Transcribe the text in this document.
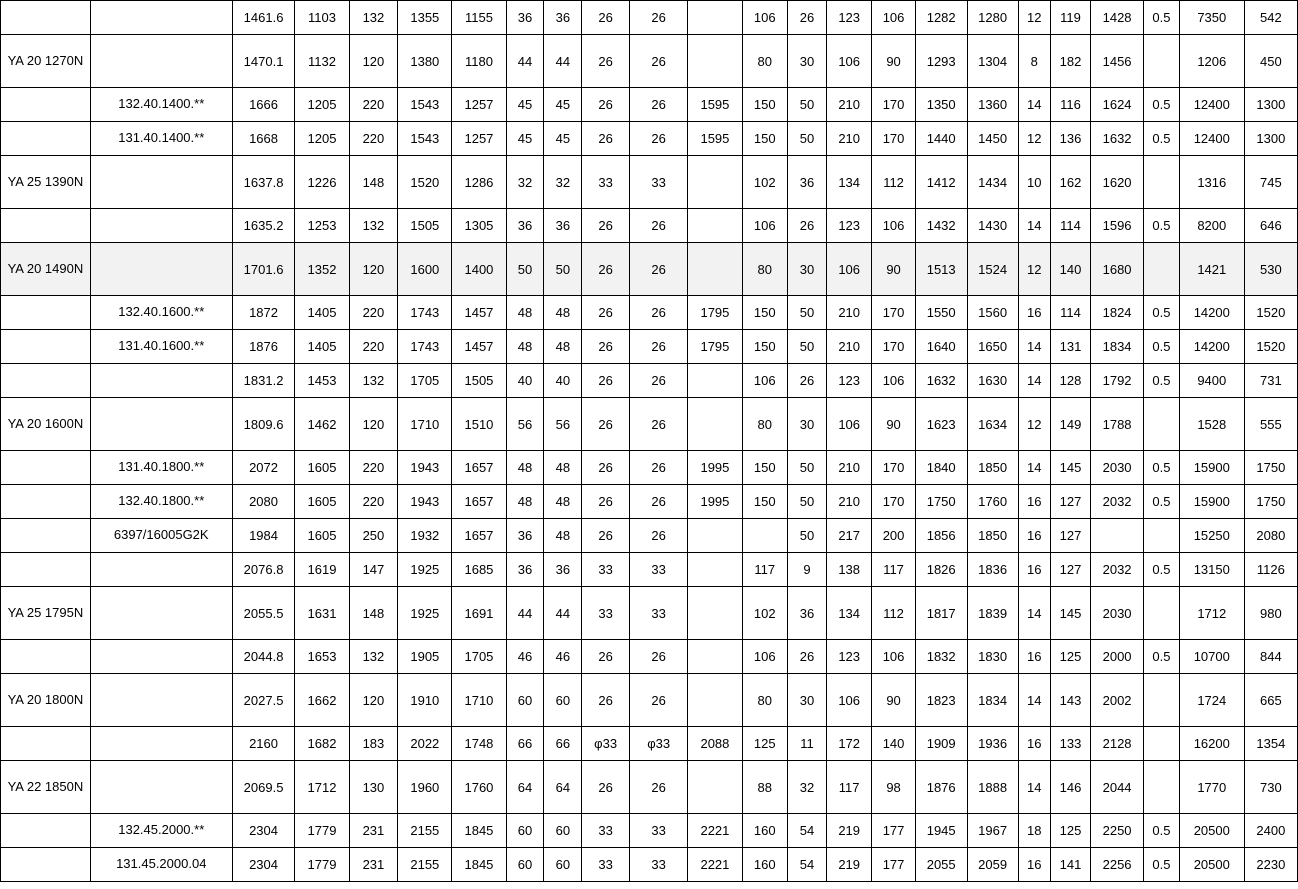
		1461.6	1103	132	1355	1155	36	36	26	26		106	26	123	106	1282	1280	12	119	1428	0.5	7350	542
YA 20 1270N		1470.1	1132	120	1380	1180	44	44	26	26		80	30	106	90	1293	1304	8	182	1456		1206	450
	132.40.1400.**	1666	1205	220	1543	1257	45	45	26	26	1595	150	50	210	170	1350	1360	14	116	1624	0.5	12400	1300
	131.40.1400.**	1668	1205	220	1543	1257	45	45	26	26	1595	150	50	210	170	1440	1450	12	136	1632	0.5	12400	1300
YA 25 1390N		1637.8	1226	148	1520	1286	32	32	33	33		102	36	134	112	1412	1434	10	162	1620		1316	745
		1635.2	1253	132	1505	1305	36	36	26	26		106	26	123	106	1432	1430	14	114	1596	0.5	8200	646
YA 20 1490N		1701.6	1352	120	1600	1400	50	50	26	26		80	30	106	90	1513	1524	12	140	1680		1421	530
	132.40.1600.**	1872	1405	220	1743	1457	48	48	26	26	1795	150	50	210	170	1550	1560	16	114	1824	0.5	14200	1520
	131.40.1600.**	1876	1405	220	1743	1457	48	48	26	26	1795	150	50	210	170	1640	1650	14	131	1834	0.5	14200	1520
		1831.2	1453	132	1705	1505	40	40	26	26		106	26	123	106	1632	1630	14	128	1792	0.5	9400	731
YA 20 1600N		1809.6	1462	120	1710	1510	56	56	26	26		80	30	106	90	1623	1634	12	149	1788		1528	555
	131.40.1800.**	2072	1605	220	1943	1657	48	48	26	26	1995	150	50	210	170	1840	1850	14	145	2030	0.5	15900	1750
	132.40.1800.**	2080	1605	220	1943	1657	48	48	26	26	1995	150	50	210	170	1750	1760	16	127	2032	0.5	15900	1750
	6397/16005G2K	1984	1605	250	1932	1657	36	48	26	26			50	217	200	1856	1850	16	127			15250	2080
		2076.8	1619	147	1925	1685	36	36	33	33		117	9	138	117	1826	1836	16	127	2032	0.5	13150	1126
YA 25 1795N		2055.5	1631	148	1925	1691	44	44	33	33		102	36	134	112	1817	1839	14	145	2030		1712	980
		2044.8	1653	132	1905	1705	46	46	26	26		106	26	123	106	1832	1830	16	125	2000	0.5	10700	844
YA 20 1800N		2027.5	1662	120	1910	1710	60	60	26	26		80	30	106	90	1823	1834	14	143	2002		1724	665
		2160	1682	183	2022	1748	66	66	φ33	φ33	2088	125	11	172	140	1909	1936	16	133	2128		16200	1354
YA 22 1850N		2069.5	1712	130	1960	1760	64	64	26	26		88	32	117	98	1876	1888	14	146	2044		1770	730
	132.45.2000.**	2304	1779	231	2155	1845	60	60	33	33	2221	160	54	219	177	1945	1967	18	125	2250	0.5	20500	2400
	131.45.2000.04	2304	1779	231	2155	1845	60	60	33	33	2221	160	54	219	177	2055	2059	16	141	2256	0.5	20500	2230
